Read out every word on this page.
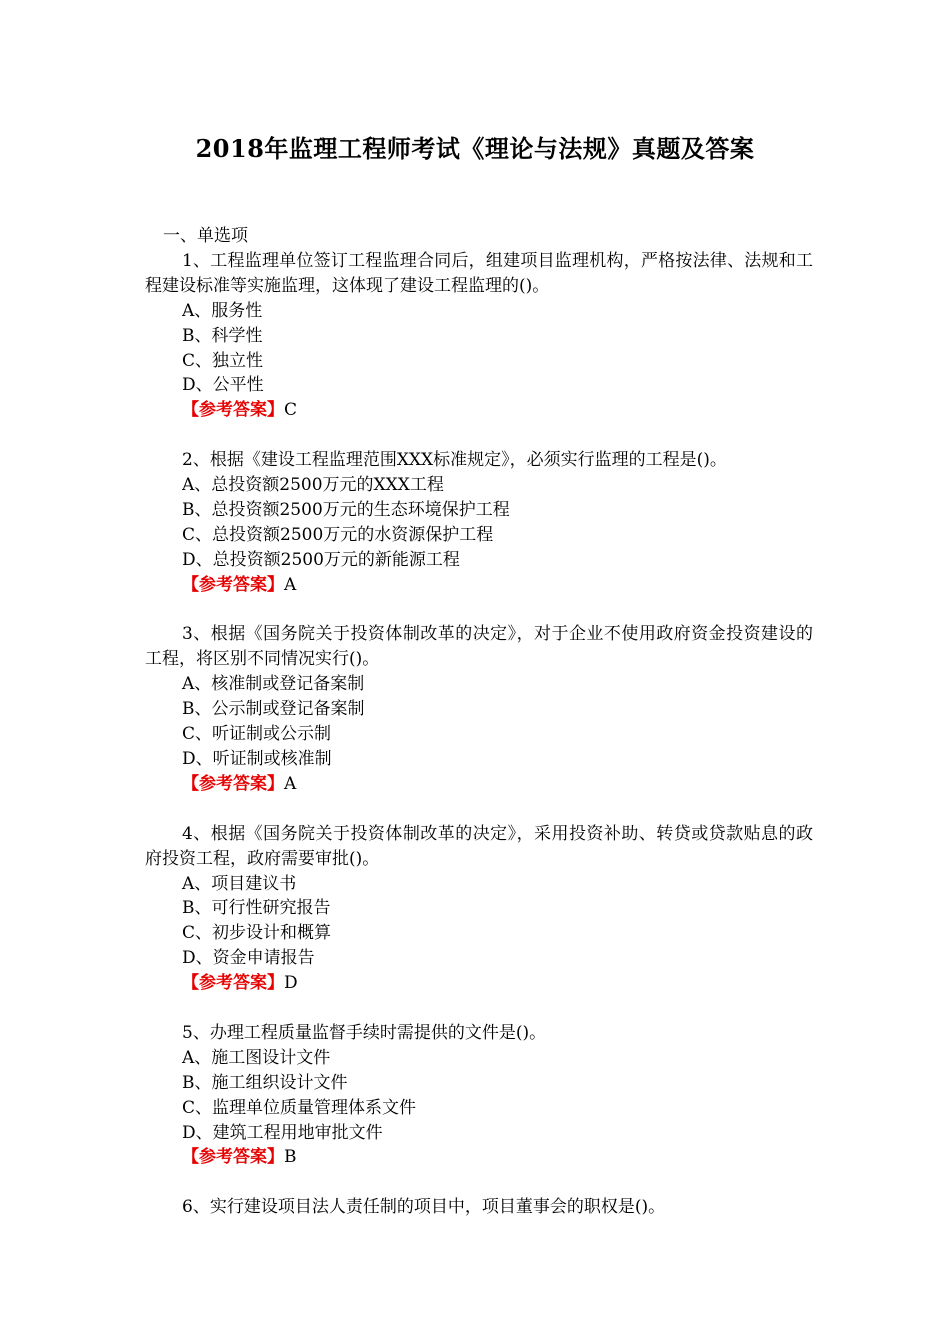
2018年监理工程师考试《理论与法规》真题及答案
一、单选项
1、工程监理单位签订工程监理合同后，组建项目监理机构，严格按法律、法规和工程建设标准等实施监理，这体现了建设工程监理的()。
A、服务性
B、科学性
C、独立性
D、公平性
【参考答案】C
2、根据《建设工程监理范围XXX标准规定》，必须实行监理的工程是()。
A、总投资额2500万元的XXX工程
B、总投资额2500万元的生态环境保护工程
C、总投资额2500万元的水资源保护工程
D、总投资额2500万元的新能源工程
【参考答案】A
3、根据《国务院关于投资体制改革的决定》，对于企业不使用政府资金投资建设的工程，将区别不同情况实行()。
A、核准制或登记备案制
B、公示制或登记备案制
C、听证制或公示制
D、听证制或核准制
【参考答案】A
4、根据《国务院关于投资体制改革的决定》，采用投资补助、转贷或贷款贴息的政府投资工程，政府需要审批()。
A、项目建议书
B、可行性研究报告
C、初步设计和概算
D、资金申请报告
【参考答案】D
5、办理工程质量监督手续时需提供的文件是()。
A、施工图设计文件
B、施工组织设计文件
C、监理单位质量管理体系文件
D、建筑工程用地审批文件
【参考答案】B
6、实行建设项目法人责任制的项目中，项目董事会的职权是()。
